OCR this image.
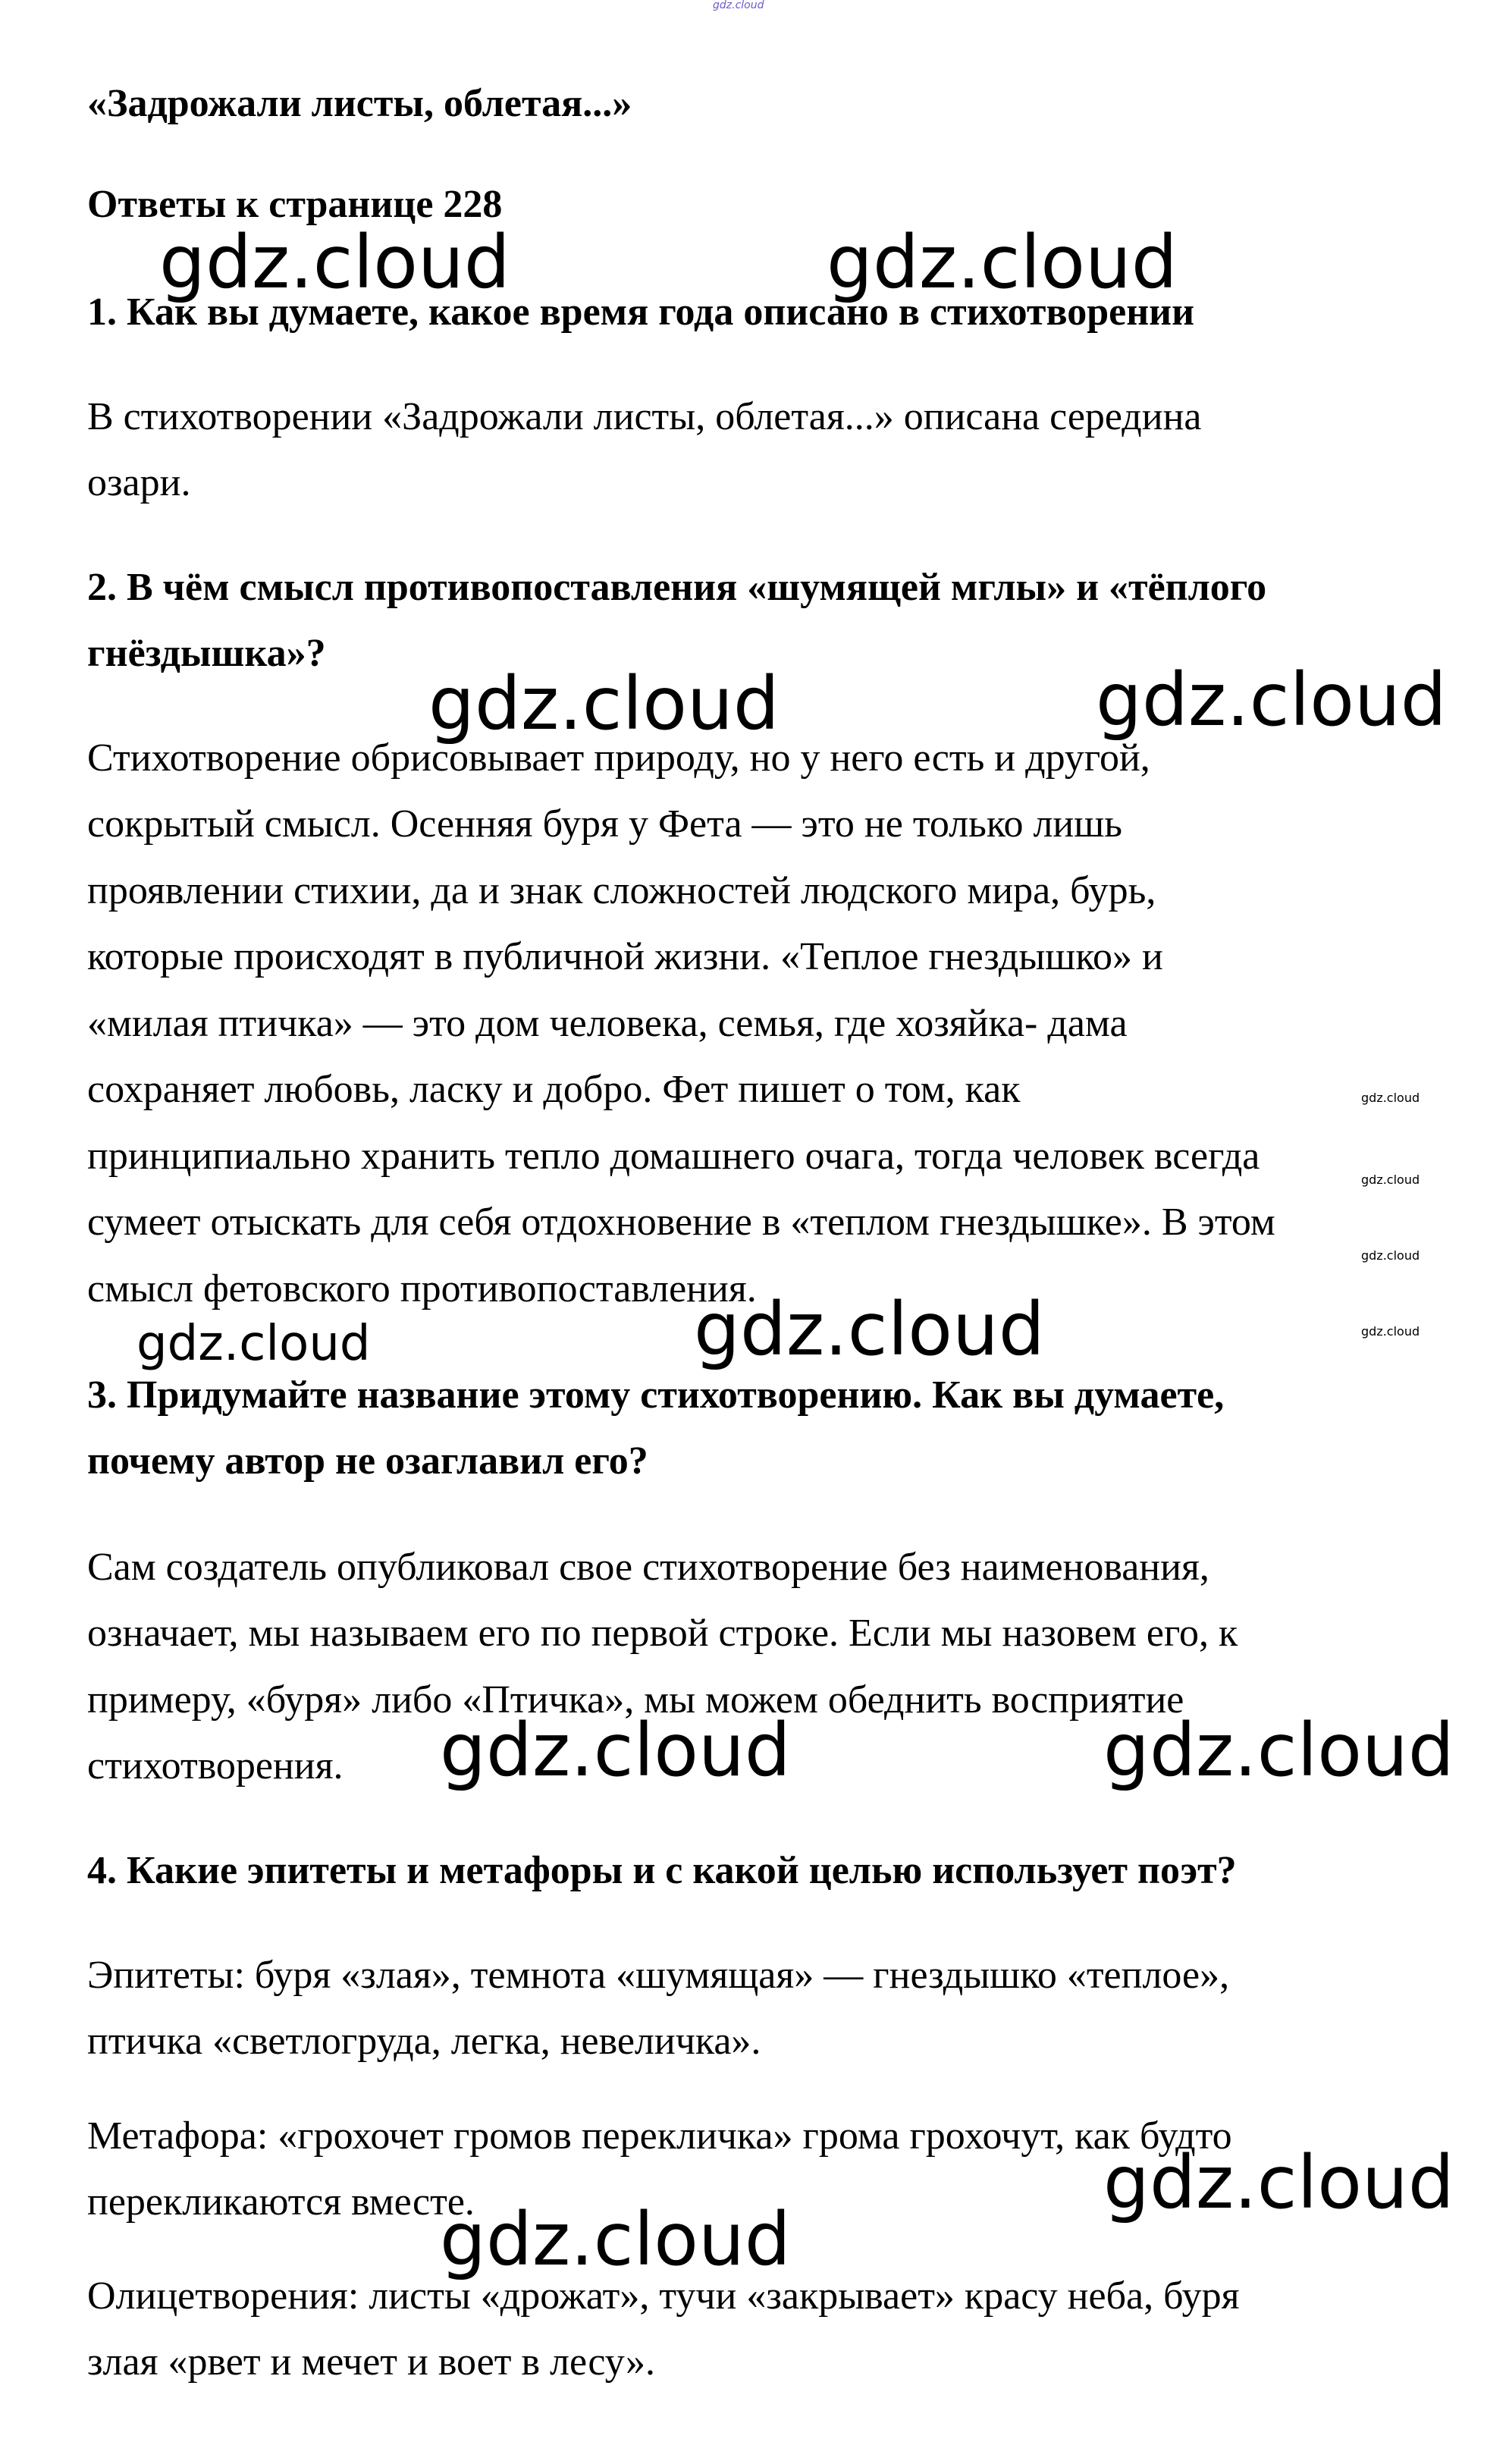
«Задрожали листы, облетая...»
Ответы к странице 228
1. Как вы думаете, какое время года описано в стихотворении
В стихотворении «Задрожали листы, облетая...» описана середина
озари.
2. В чём смысл противопоставления «шумящей мглы» и «тёплого
гнёздышка»?
Стихотворение обрисовывает природу, но у него есть и другой,
сокрытый смысл. Осенняя буря у Фета — это не только лишь
проявлении стихии, да и знак сложностей людского мира, бурь,
которые происходят в публичной жизни. «Теплое гнездышко» и
«милая птичка» — это дом человека, семья, где хозяйка- дама
сохраняет любовь, ласку и добро. Фет пишет о том, как
принципиально хранить тепло домашнего очага, тогда человек всегда
сумеет отыскать для себя отдохновение в «теплом гнездышке». В этом
смысл фетовского противопоставления.
3. Придумайте название этому стихотворению. Как вы думаете,
почему автор не озаглавил его?
Сам создатель опубликовал свое стихотворение без наименования,
означает, мы называем его по первой строке. Если мы назовем его, к
примеру, «буря» либо «Птичка», мы можем обеднить восприятие
стихотворения.
4. Какие эпитеты и метафоры и с какой целью использует поэт?
Эпитеты: буря «злая», темнота «шумящая» — гнездышко «теплое»,
птичка «светлогруда, легка, невеличка».
Метафора: «грохочет громов перекличка» грома грохочут, как будто
перекликаются вместе.
Олицетворения: листы «дрожат», тучи «закрывает» красу неба, буря
злая «рвет и мечет и воет в лесу».
gdz.cloud
gdz.cloud	gdz.cloud
gdz.cloud	gdz.cloud
gdz.cloud
gdz.cloud
gdz.cloud
gdz.cloud
gdz.cloud	gdz.cloud
gdz.cloud	gdz.cloud
gdz.cloud
gdz.cloud
